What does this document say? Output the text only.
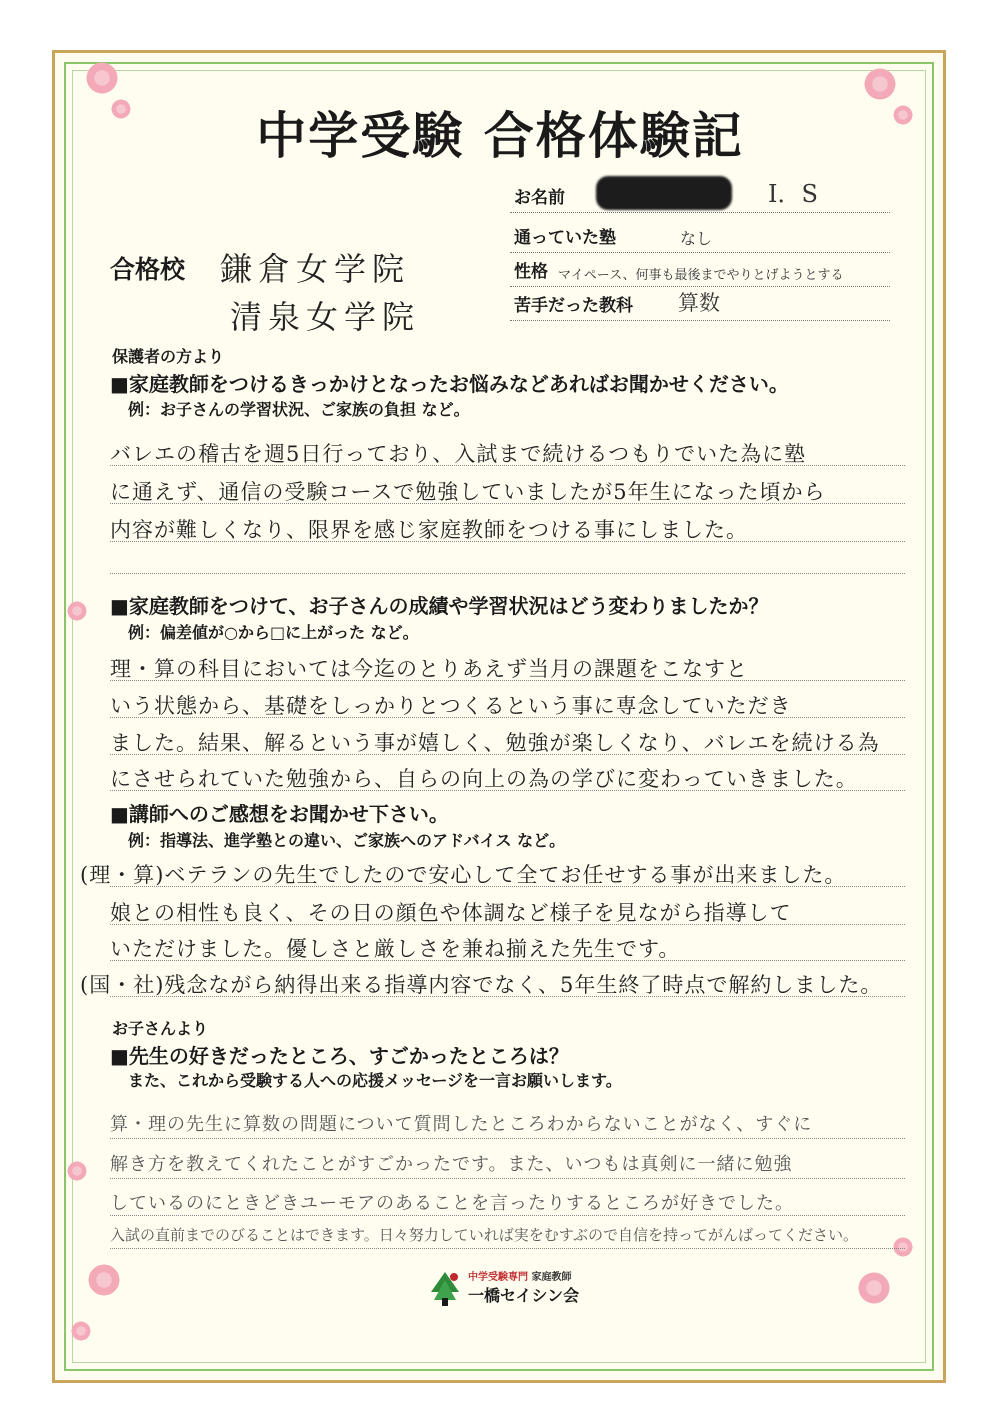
中学受験 合格体験記
お名前	I．S
通っていた塾	なし
性格 マイペース、何事も最後までやりとげようとする
苦手だった教科 算数
合格校 鎌倉女学院
清泉女学院
保護者の方より
■家庭教師をつけるきっかけとなったお悩みなどあればお聞かせください。
例：お子さんの学習状況、ご家族の負担 など。
バレエの稽古を週5日行っており、入試まで続けるつもりでいた為に塾
に通えず、通信の受験コースで勉強していましたが5年生になった頃から
内容が難しくなり、限界を感じ家庭教師をつける事にしました。
■家庭教師をつけて、お子さんの成績や学習状況はどう変わりましたか？
例：偏差値が○から□に上がった など。
理・算の科目においては今迄のとりあえず当月の課題をこなすと
いう状態から、基礎をしっかりとつくるという事に専念していただき
ました。結果、解るという事が嬉しく、勉強が楽しくなり、バレエを続ける為
にさせられていた勉強から、自らの向上の為の学びに変わっていきました。
■講師へのご感想をお聞かせ下さい。
例：指導法、進学塾との違い、ご家族へのアドバイス など。
(理・算)ベテランの先生でしたので安心して全てお任せする事が出来ました。
娘との相性も良く、その日の顔色や体調など様子を見ながら指導して
いただけました。優しさと厳しさを兼ね揃えた先生です。
(国・社)残念ながら納得出来る指導内容でなく、5年生終了時点で解約しました。
お子さんより
■先生の好きだったところ、すごかったところは？
また、これから受験する人への応援メッセージを一言お願いします。
算・理の先生に算数の問題について質問したところわからないことがなく、すぐに
解き方を教えてくれたことがすごかったです。また、いつもは真剣に一緒に勉強
しているのにときどきユーモアのあることを言ったりするところが好きでした。
入試の直前までのびることはできます。日々努力していれば実をむすぶので自信を持ってがんばってください。
中学受験専門 家庭教師
一橋セイシン会
